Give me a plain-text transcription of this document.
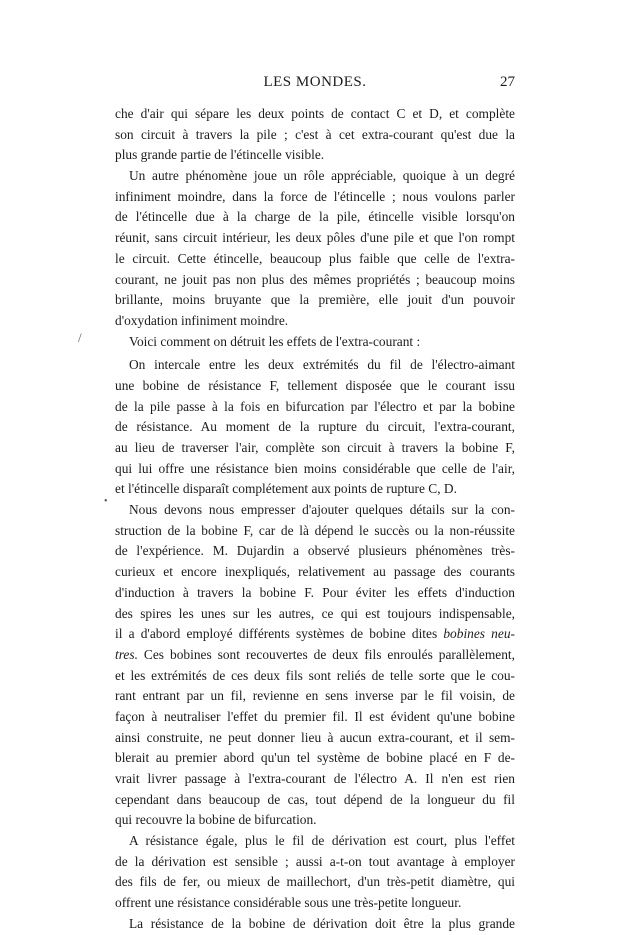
LES MONDES.	27
che d'air qui sépare les deux points de contact C et D, et complète
son circuit à travers la pile ; c'est à cet extra-courant qu'est due la
plus grande partie de l'étincelle visible.
Un autre phénomène joue un rôle appréciable, quoique à un degré
infiniment moindre, dans la force de l'étincelle ; nous voulons parler
de l'étincelle due à la charge de la pile, étincelle visible lorsqu'on
réunit, sans circuit intérieur, les deux pôles d'une pile et que l'on rompt
le circuit. Cette étincelle, beaucoup plus faible que celle de l'extra-
courant, ne jouit pas non plus des mêmes propriétés ; beaucoup moins
brillante, moins bruyante que la première, elle jouit d'un pouvoir
d'oxydation infiniment moindre.
Voici comment on détruit les effets de l'extra-courant :
On intercale entre les deux extrémités du fil de l'électro-aimant
une bobine de résistance F, tellement disposée que le courant issu
de la pile passe à la fois en bifurcation par l'électro et par la bobine
de résistance. Au moment de la rupture du circuit, l'extra-courant,
au lieu de traverser l'air, complète son circuit à travers la bobine F,
qui lui offre une résistance bien moins considérable que celle de l'air,
et l'étincelle disparaît complétement aux points de rupture C, D.
Nous devons nous empresser d'ajouter quelques détails sur la con-
struction de la bobine F, car de là dépend le succès ou la non-réussite
de l'expérience. M. Dujardin a observé plusieurs phénomènes très-
curieux et encore inexpliqués, relativement au passage des courants
d'induction à travers la bobine F. Pour éviter les effets d'induction
des spires les unes sur les autres, ce qui est toujours indispensable,
il a d'abord employé différents systèmes de bobine dites bobines neu-
tres. Ces bobines sont recouvertes de deux fils enroulés parallèlement,
et les extrémités de ces deux fils sont reliés de telle sorte que le cou-
rant entrant par un fil, revienne en sens inverse par le fil voisin, de
façon à neutraliser l'effet du premier fil. Il est évident qu'une bobine
ainsi construite, ne peut donner lieu à aucun extra-courant, et il sem-
blerait au premier abord qu'un tel système de bobine placé en F de-
vrait livrer passage à l'extra-courant de l'électro A. Il n'en est rien
cependant dans beaucoup de cas, tout dépend de la longueur du fil
qui recouvre la bobine de bifurcation.
A résistance égale, plus le fil de dérivation est court, plus l'effet
de la dérivation est sensible ; aussi a-t-on tout avantage à employer
des fils de fer, ou mieux de maillechort, d'un très-petit diamètre, qui
offrent une résistance considérable sous une très-petite longueur.
La résistance de la bobine de dérivation doit être la plus grande
/
•
